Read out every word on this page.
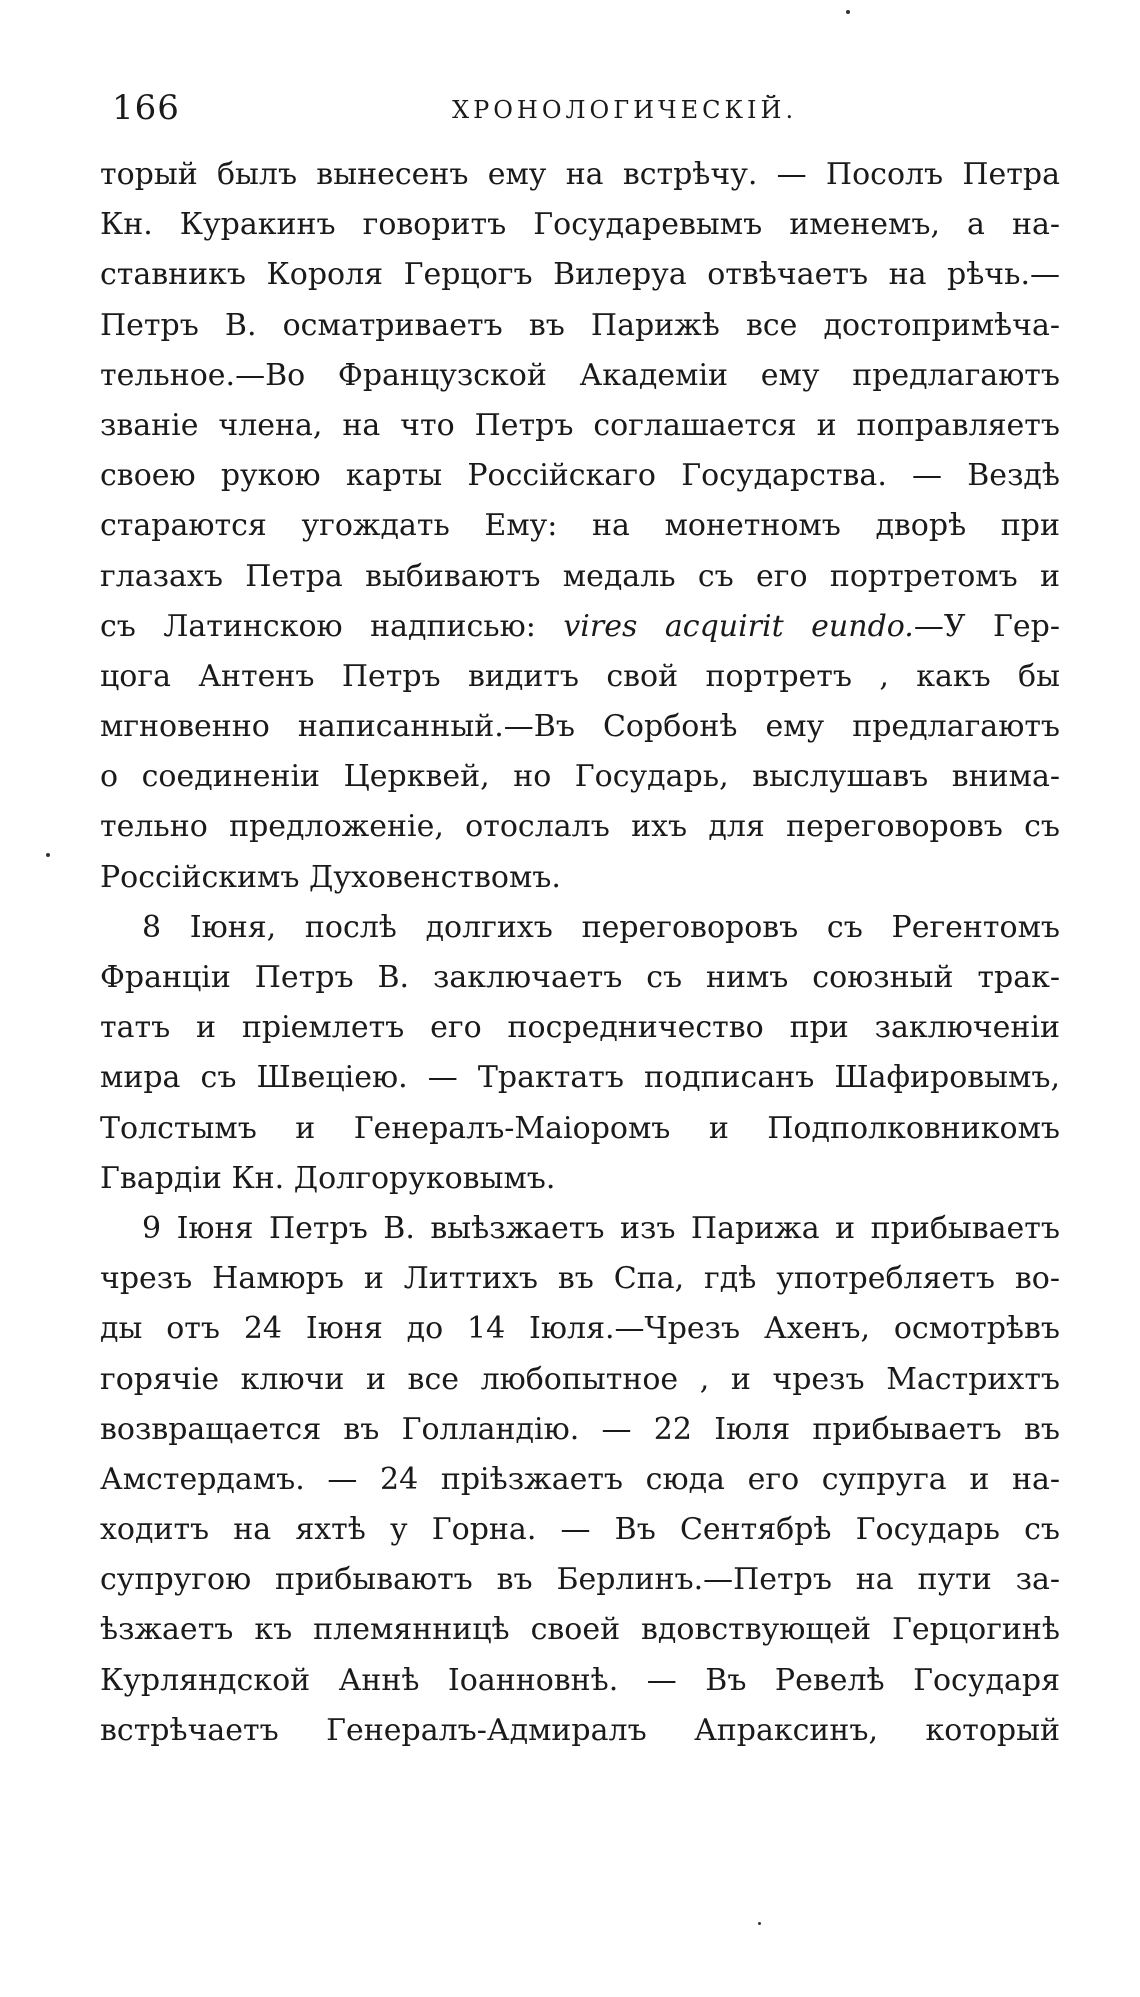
166	ХРОНОЛОГИЧЕСКІЙ.
торый былъ вынесенъ ему на встрѣчу. — Посолъ Петра
Кн. Куракинъ говоритъ Государевымъ именемъ, а на-
ставникъ Короля Герцогъ Вилеруа отвѣчаетъ на рѣчь.—
Петръ В. осматриваетъ въ Парижѣ все достопримѣча-
тельное.—Во Французской Академіи ему предлагаютъ
званіе члена, на что Петръ соглашается и поправляетъ
своею рукою карты Россійскаго Государства. — Вездѣ
стараются угождать Ему: на монетномъ дворѣ при
глазахъ Петра выбиваютъ медаль съ его портретомъ и
съ Латинскою надписью: vires acquirit eundo.—У Гер-
цога Антенъ Петръ видитъ свой портретъ , какъ бы
мгновенно написанный.—Въ Сорбонѣ ему предлагаютъ
о соединеніи Церквей, но Государь, выслушавъ внима-
тельно предложеніе, отослалъ ихъ для переговоровъ съ
Россійскимъ Духовенствомъ.
8 Іюня, послѣ долгихъ переговоровъ съ Регентомъ
Франціи Петръ В. заключаетъ съ нимъ союзный трак-
татъ и пріемлетъ его посредничество при заключеніи
мира съ Швеціею. — Трактатъ подписанъ Шафировымъ,
Толстымъ и Генералъ-Маіоромъ и Подполковникомъ
Гвардіи Кн. Долгоруковымъ.
9 Іюня Петръ В. выѣзжаетъ изъ Парижа и прибываетъ
чрезъ Намюръ и Литтихъ въ Спа, гдѣ употребляетъ во-
ды отъ 24 Іюня до 14 Іюля.—Чрезъ Ахенъ, осмотрѣвъ
горячіе ключи и все любопытное , и чрезъ Мастрихтъ
возвращается въ Голландію. — 22 Іюля прибываетъ въ
Амстердамъ. — 24 пріѣзжаетъ сюда его супруга и на-
ходитъ на яхтѣ у Горна. — Въ Сентябрѣ Государь съ
супругою прибываютъ въ Берлинъ.—Петръ на пути за-
ѣзжаетъ къ племянницѣ своей вдовствующей Герцогинѣ
Курляндской Аннѣ Іоанновнѣ. — Въ Ревелѣ Государя
встрѣчаетъ Генералъ-Адмиралъ Апраксинъ, который
